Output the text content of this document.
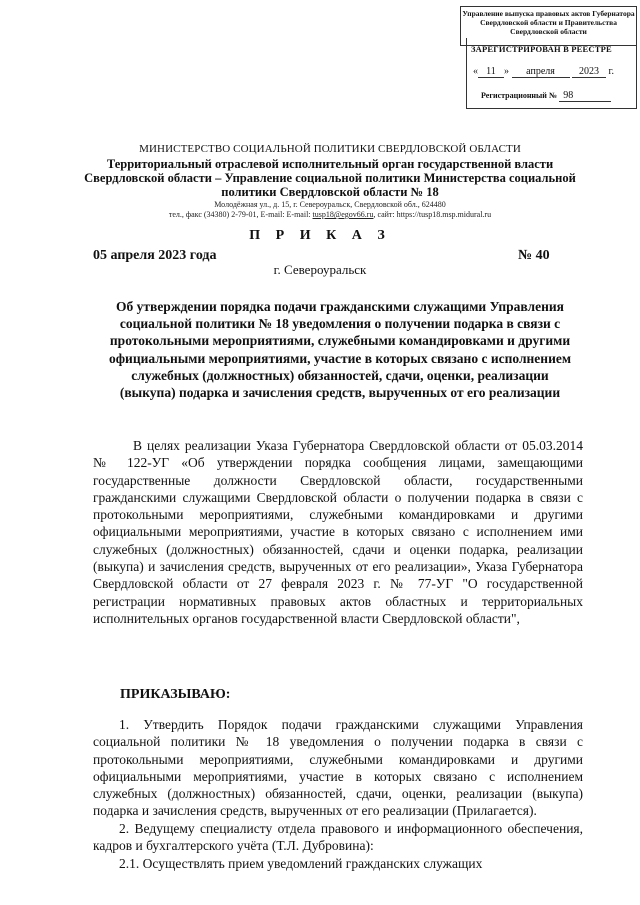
Управление выпуска правовых актов Губернатора Свердловской области и Правительства Свердловской области
ЗАРЕГИСТРИРОВАН В РЕЕСТРЕ
« 11 » апреля 2023 г.
Регистрационный № 98
МИНИСТЕРСТВО СОЦИАЛЬНОЙ ПОЛИТИКИ СВЕРДЛОВСКОЙ ОБЛАСТИ
Территориальный отраслевой исполнительный орган государственной власти Свердловской области – Управление социальной политики Министерства социальной политики Свердловской области № 18
Молодёжная ул., д. 15, г. Североуральск, Свердловской обл., 624480
тел., факс (34380) 2-79-01, E-mail: E-mail: tusp18@egov66.ru, сайт: https://tusp18.msp.midural.ru
П Р И К А З
05 апреля 2023 года	№ 40
г. Североуральск
Об утверждении порядка подачи гражданскими служащими Управления социальной политики № 18 уведомления о получении подарка в связи с протокольными мероприятиями, служебными командировками и другими официальными мероприятиями, участие в которых связано с исполнением служебных (должностных) обязанностей, сдачи, оценки, реализации (выкупа) подарка и зачисления средств, вырученных от его реализации
В целях реализации Указа Губернатора Свердловской области от 05.03.2014 № 122-УГ «Об утверждении порядка сообщения лицами, замещающими государственные должности Свердловской области, государственными гражданскими служащими Свердловской области о получении подарка в связи с протокольными мероприятиями, служебными командировками и другими официальными мероприятиями, участие в которых связано с исполнением ими служебных (должностных) обязанностей, сдачи и оценки подарка, реализации (выкупа) и зачисления средств, вырученных от его реализации», Указа Губернатора Свердловской области от 27 февраля 2023 г. № 77-УГ "О государственной регистрации нормативных правовых актов областных и территориальных исполнительных органов государственной власти Свердловской области",
ПРИКАЗЫВАЮ:
1. Утвердить Порядок подачи гражданскими служащими Управления социальной политики № 18 уведомления о получении подарка в связи с протокольными мероприятиями, служебными командировками и другими официальными мероприятиями, участие в которых связано с исполнением служебных (должностных) обязанностей, сдачи, оценки, реализации (выкупа) подарка и зачисления средств, вырученных от его реализации (Прилагается).
2. Ведущему специалисту отдела правового и информационного обеспечения, кадров и бухгалтерского учёта (Т.Л. Дубровина):
2.1. Осуществлять прием уведомлений гражданских служащих
